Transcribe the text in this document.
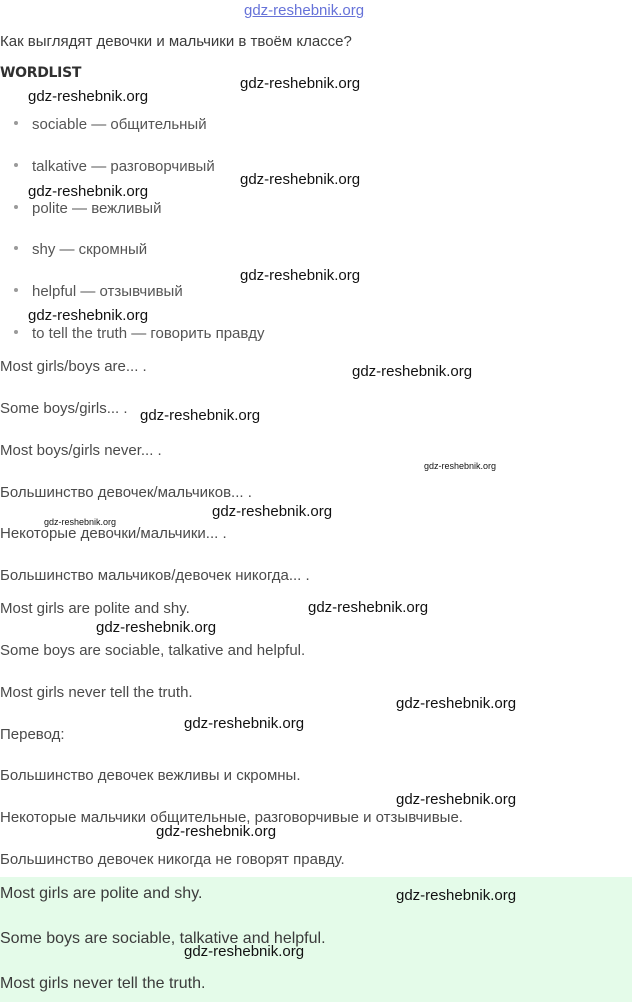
gdz-reshebnik.org
Как выглядят девочки и мальчики в твоём классе?
WORDLIST
sociable — общительный
talkative — разговорчивый
polite — вежливый
shy — скромный
helpful — отзывчивый
to tell the truth — говорить правду
Most girls/boys are... .
Some boys/girls... .
Most boys/girls never... .
Большинство девочек/мальчиков... .
Некоторые девочки/мальчики... .
Большинство мальчиков/девочек никогда... .
Most girls are polite and shy.
Some boys are sociable, talkative and helpful.
Most girls never tell the truth.
Перевод:
Большинство девочек вежливы и скромны.
Некоторые мальчики общительные, разговорчивые и отзывчивые.
Большинство девочек никогда не говорят правду.
Most girls are polite and shy.
Some boys are sociable, talkative and helpful.
Most girls never tell the truth.
gdz-reshebnik.org
gdz-reshebnik.org
gdz-reshebnik.org
gdz-reshebnik.org
gdz-reshebnik.org
gdz-reshebnik.org
gdz-reshebnik.org
gdz-reshebnik.org
gdz-reshebnik.org
gdz-reshebnik.org
gdz-reshebnik.org
gdz-reshebnik.org
gdz-reshebnik.org
gdz-reshebnik.org
gdz-reshebnik.org
gdz-reshebnik.org
gdz-reshebnik.org
gdz-reshebnik.org
gdz-reshebnik.org
